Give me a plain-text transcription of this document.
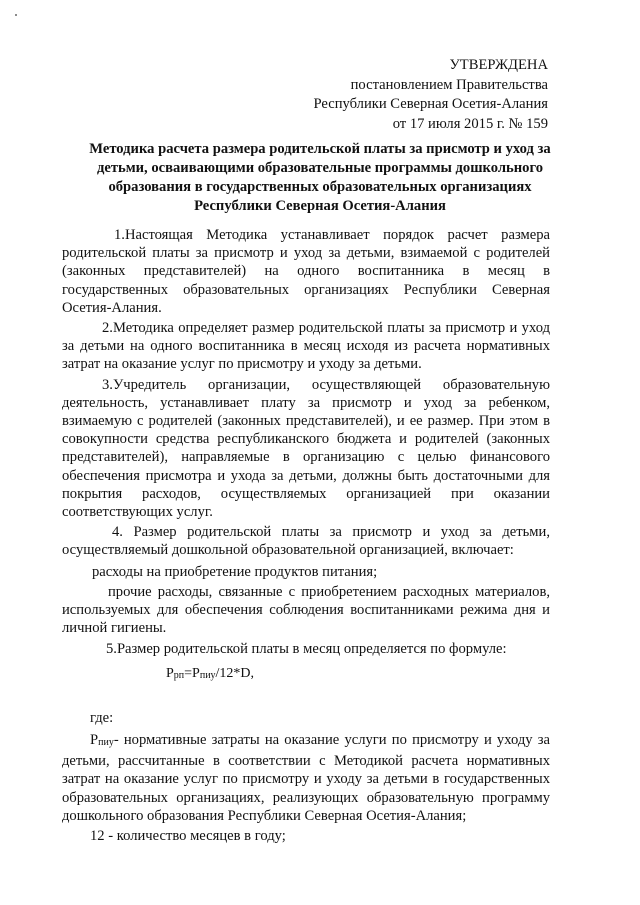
УТВЕРЖДЕНА
постановлением Правительства
Республики Северная Осетия-Алания
от 17 июля 2015 г. № 159
Методика расчета размера родительской платы за присмотр и уход за
детьми, осваивающими образовательные программы дошкольного
образования в государственных образовательных организациях
Республики Северная Осетия-Алания

1.Настоящая Методика устанавливает порядок расчет размера родительской платы за присмотр и уход за детьми, взимаемой с родителей (законных представителей) на одного воспитанника в месяц в государственных образовательных организациях Республики Северная Осетия-Алания.

2.Методика определяет размер родительской платы за присмотр и уход за детьми на одного воспитанника в месяц исходя из расчета нормативных затрат на оказание услуг по присмотру и уходу за детьми.

3.Учредитель организации, осуществляющей образовательную деятельность, устанавливает плату за присмотр и уход за ребенком, взимаемую с родителей (законных представителей), и ее размер. При этом в совокупности средства республиканского бюджета и родителей (законных представителей), направляемые в организацию с целью финансового обеспечения присмотра и ухода за детьми, должны быть достаточными для покрытия расходов, осуществляемых организацией при оказании соответствующих услуг.

4. Размер родительской платы за присмотр и уход за детьми, осуществляемый дошкольной образовательной организацией, включает:

расходы на приобретение продуктов питания;

прочие расходы, связанные с приобретением расходных материалов, используемых для обеспечения соблюдения воспитанниками режима дня и личной гигиены.

5.Размер родительской платы в месяц определяется по формуле:

Pрп=Pпиу/12*D,

где:

Pпиу- нормативные затраты на оказание услуги по присмотру и уходу за детьми, рассчитанные в соответствии с Методикой расчета нормативных затрат на оказание услуг по присмотру и уходу за детьми в государственных образовательных организациях, реализующих образовательную программу дошкольного образования Республики Северная Осетия-Алания;

12 - количество месяцев в году;
